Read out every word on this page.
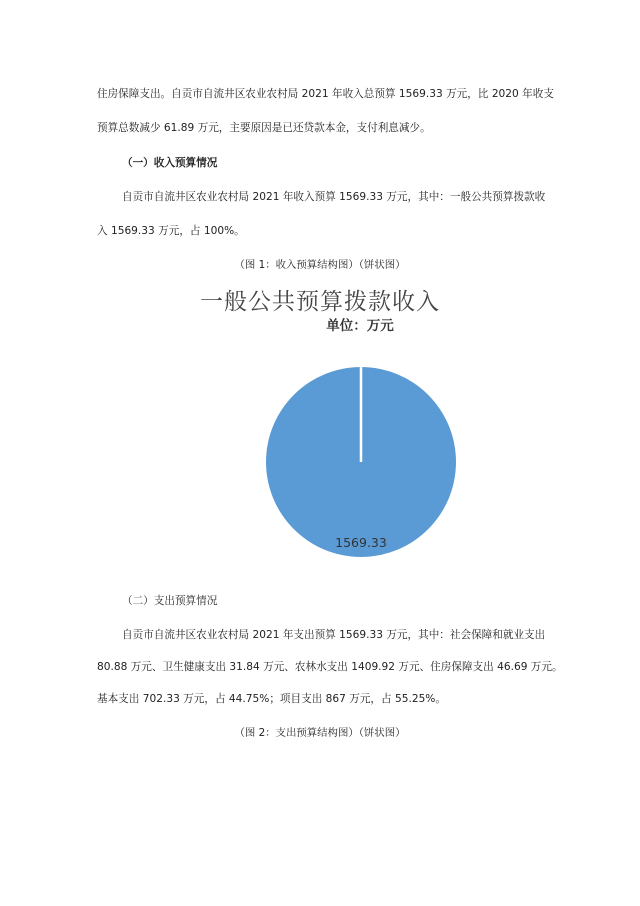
住房保障支出。自贡市自流井区农业农村局 2021 年收入总预算 1569.33 万元，比 2020 年收支
预算总数减少 61.89 万元，主要原因是已还贷款本金，支付利息减少。
（一）收入预算情况
自贡市自流井区农业农村局 2021 年收入预算 1569.33 万元，其中：一般公共预算拨款收
入 1569.33 万元，占 100%。
（图 1：收入预算结构图）（饼状图）
一般公共预算拨款收入
单位：万元
1569.33
（二）支出预算情况
自贡市自流井区农业农村局 2021 年支出预算 1569.33 万元，其中：社会保障和就业支出
80.88 万元、卫生健康支出 31.84 万元、农林水支出 1409.92 万元、住房保障支出 46.69 万元。
基本支出 702.33 万元，占 44.75%；项目支出 867 万元，占 55.25%。
（图 2：支出预算结构图）（饼状图）
